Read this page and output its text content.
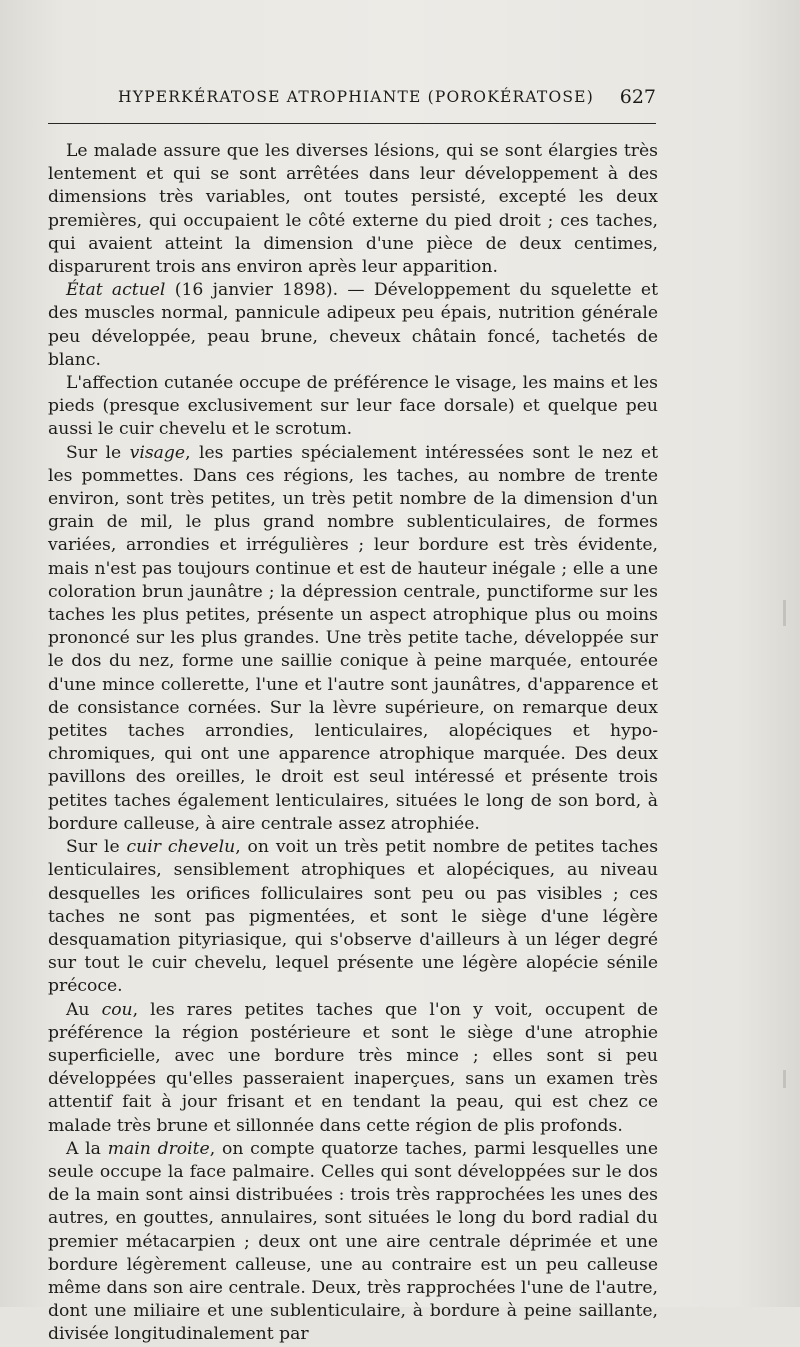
HYPERKÉRATOSE ATROPHIANTE (POROKÉRATOSE) 627

Le malade assure que les diverses lésions, qui se sont élargies très lentement et qui se sont arrêtées dans leur développement à des dimensions très variables, ont toutes persisté, excepté les deux premières, qui occupaient le côté externe du pied droit ; ces taches, qui avaient atteint la dimension d'une pièce de deux centimes, disparurent trois ans environ après leur apparition.

État actuel (16 janvier 1898). — Développement du squelette et des muscles normal, pannicule adipeux peu épais, nutrition générale peu développée, peau brune, cheveux châtain foncé, tachetés de blanc.

L'affection cutanée occupe de préférence le visage, les mains et les pieds (presque exclusivement sur leur face dorsale) et quelque peu aussi le cuir chevelu et le scrotum.

Sur le visage, les parties spécialement intéressées sont le nez et les pommettes. Dans ces régions, les taches, au nombre de trente environ, sont très petites, un très petit nombre de la dimension d'un grain de mil, le plus grand nombre sublenticulaires, de formes variées, arrondies et irrégulières ; leur bordure est très évidente, mais n'est pas toujours continue et est de hauteur inégale ; elle a une coloration brun jaunâtre ; la dépression centrale, punctiforme sur les taches les plus petites, présente un aspect atrophique plus ou moins prononcé sur les plus grandes. Une très petite tache, développée sur le dos du nez, forme une saillie conique à peine marquée, entourée d'une mince collerette, l'une et l'autre sont jaunâtres, d'apparence et de consistance cornées. Sur la lèvre supérieure, on remarque deux petites taches arrondies, lenticulaires, alopéciques et hypochromiques, qui ont une apparence atrophique marquée. Des deux pavillons des oreilles, le droit est seul intéressé et présente trois petites taches également lenticulaires, situées le long de son bord, à bordure calleuse, à aire centrale assez atrophiée.

Sur le cuir chevelu, on voit un très petit nombre de petites taches lenticulaires, sensiblement atrophiques et alopéciques, au niveau desquelles les orifices folliculaires sont peu ou pas visibles ; ces taches ne sont pas pigmentées, et sont le siège d'une légère desquamation pityriasique, qui s'observe d'ailleurs à un léger degré sur tout le cuir chevelu, lequel présente une légère alopécie sénile précoce.

Au cou, les rares petites taches que l'on y voit, occupent de préférence la région postérieure et sont le siège d'une atrophie superficielle, avec une bordure très mince ; elles sont si peu développées qu'elles passeraient inaperçues, sans un examen très attentif fait à jour frisant et en tendant la peau, qui est chez ce malade très brune et sillonnée dans cette région de plis profonds.

A la main droite, on compte quatorze taches, parmi lesquelles une seule occupe la face palmaire. Celles qui sont développées sur le dos de la main sont ainsi distribuées : trois très rapprochées les unes des autres, en gouttes, annulaires, sont situées le long du bord radial du premier métacarpien ; deux ont une aire centrale déprimée et une bordure légèrement calleuse, une au contraire est un peu calleuse même dans son aire centrale. Deux, très rapprochées l'une de l'autre, dont une miliaire et une sublenticulaire, à bordure à peine saillante, divisée longitudinalement par
